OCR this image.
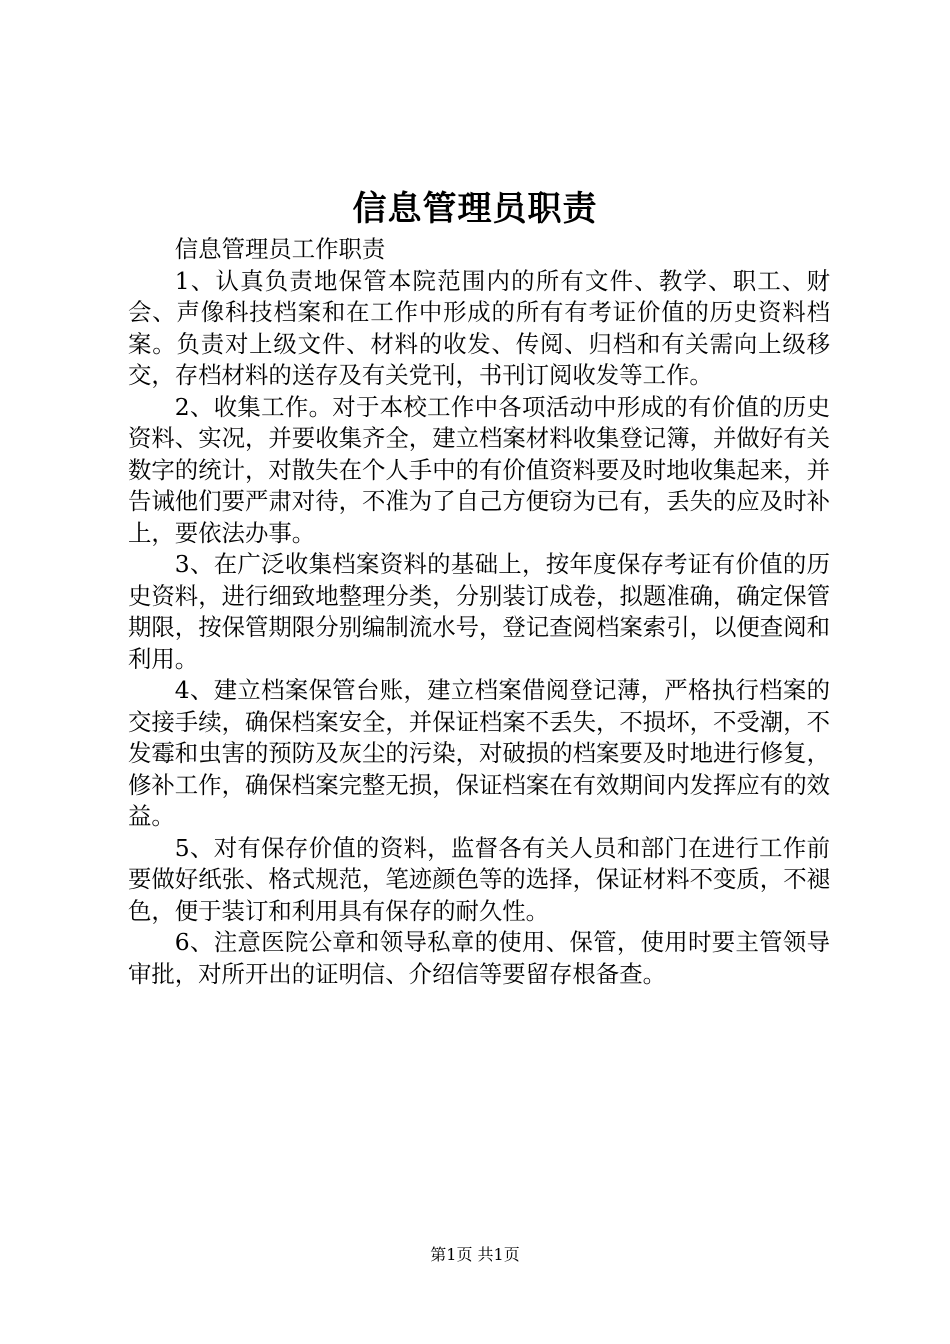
信息管理员职责

信息管理员工作职责

1、认真负责地保管本院范围内的所有文件、教学、职工、财会、声像科技档案和在工作中形成的所有有考证价值的历史资料档案。负责对上级文件、材料的收发、传阅、归档和有关需向上级移交，存档材料的送存及有关党刊，书刊订阅收发等工作。

2、收集工作。对于本校工作中各项活动中形成的有价值的历史资料、实况，并要收集齐全，建立档案材料收集登记簿，并做好有关数字的统计，对散失在个人手中的有价值资料要及时地收集起来，并告诫他们要严肃对待，不准为了自己方便窃为已有，丢失的应及时补上，要依法办事。

3、在广泛收集档案资料的基础上，按年度保存考证有价值的历史资料，进行细致地整理分类，分别装订成卷，拟题准确，确定保管期限，按保管期限分别编制流水号，登记查阅档案索引，以便查阅和利用。

4、建立档案保管台账，建立档案借阅登记薄，严格执行档案的交接手续，确保档案安全，并保证档案不丢失，不损坏，不受潮，不发霉和虫害的预防及灰尘的污染，对破损的档案要及时地进行修复，修补工作，确保档案完整无损，保证档案在有效期间内发挥应有的效益。

5、对有保存价值的资料，监督各有关人员和部门在进行工作前要做好纸张、格式规范，笔迹颜色等的选择，保证材料不变质，不褪色，便于装订和利用具有保存的耐久性。

6、注意医院公章和领导私章的使用、保管，使用时要主管领导审批，对所开出的证明信、介绍信等要留存根备查。

第1页 共1页
